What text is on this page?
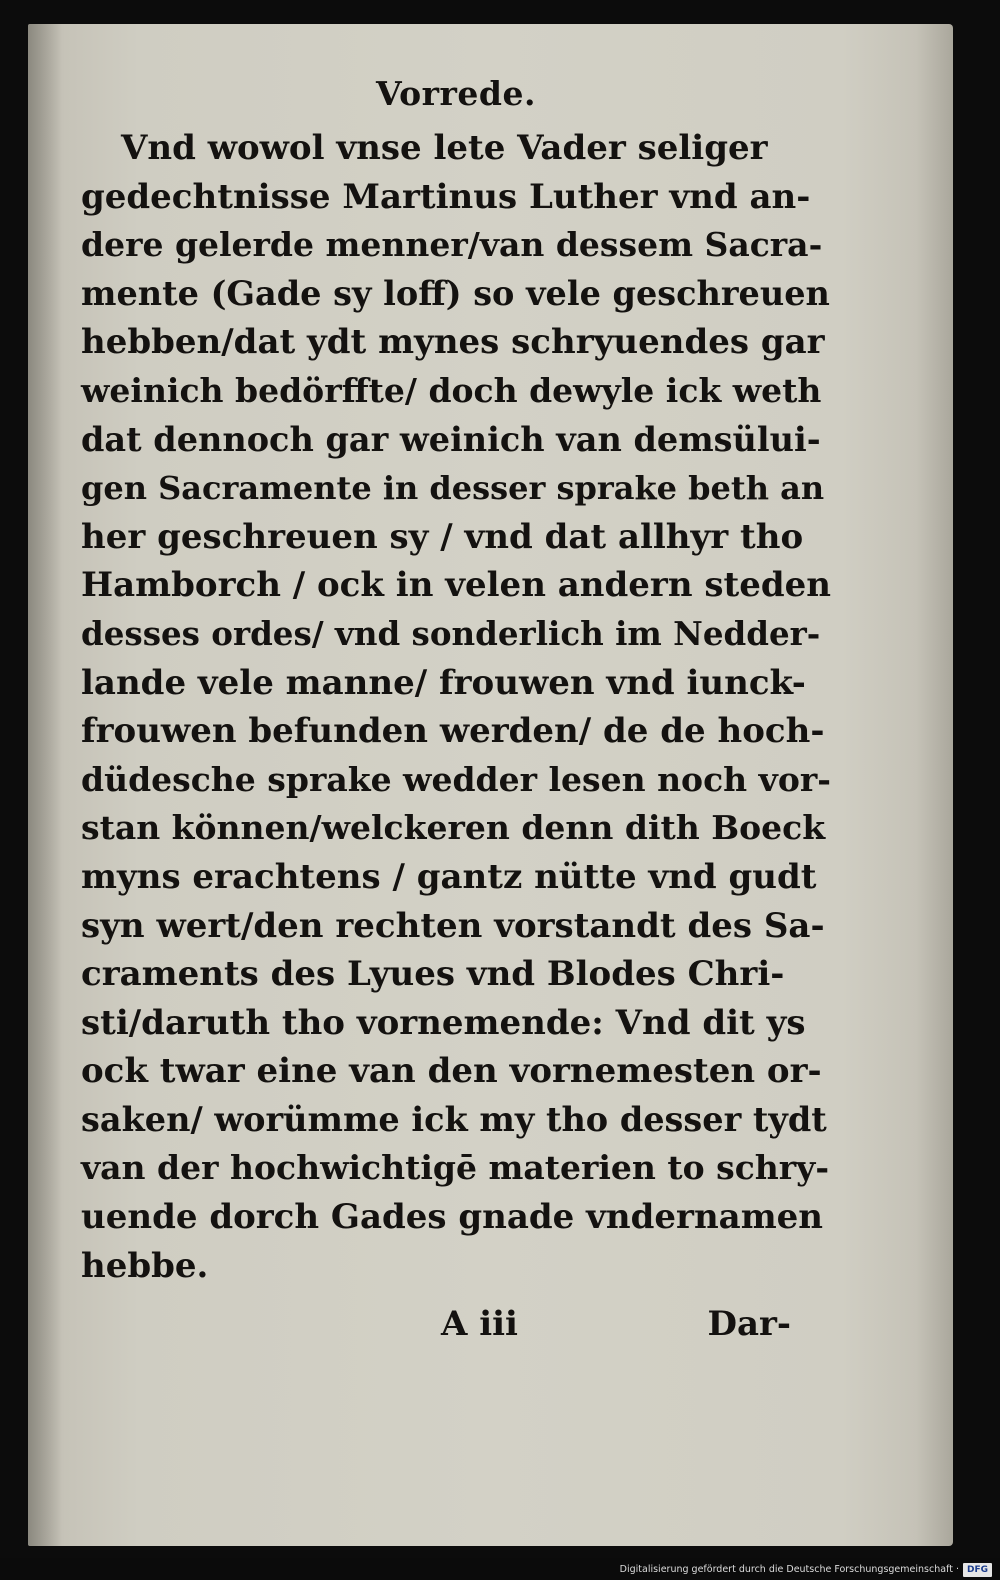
Vorrede.
Vnd wowol vnse lete Vader seliger
gedechtnisse Martinus Luther vnd an-
dere gelerde menner/van dessem Sacra-
mente (Gade sy loff) so vele geschreuen
hebben/dat ydt mynes schryuendes gar
weinich bedörffte/ doch dewyle ick weth
dat dennoch gar weinich van demsülui-
gen Sacramente in desser sprake beth an
her geschreuen sy / vnd dat allhyr tho
Hamborch / ock in velen andern steden
desses ordes/ vnd sonderlich im Nedder-
lande vele manne/ frouwen vnd iunck-
frouwen befunden werden/ de de hoch-
düdesche sprake wedder lesen noch vor-
stan können/welckeren denn dith Boeck
myns erachtens / gantz nütte vnd gudt
syn wert/den rechten vorstandt des Sa-
craments des Lyues vnd Blodes Chri-
sti/daruth tho vornemende: Vnd dit ys
ock twar eine van den vornemesten or-
saken/ worümme ick my tho desser tydt
van der hochwichtigē materien to schry-
uende dorch Gades gnade vndernamen
hebbe.
A iii	Dar-
Digitalisierung gefördert durch die Deutsche Forschungsgemeinschaft · DFG
